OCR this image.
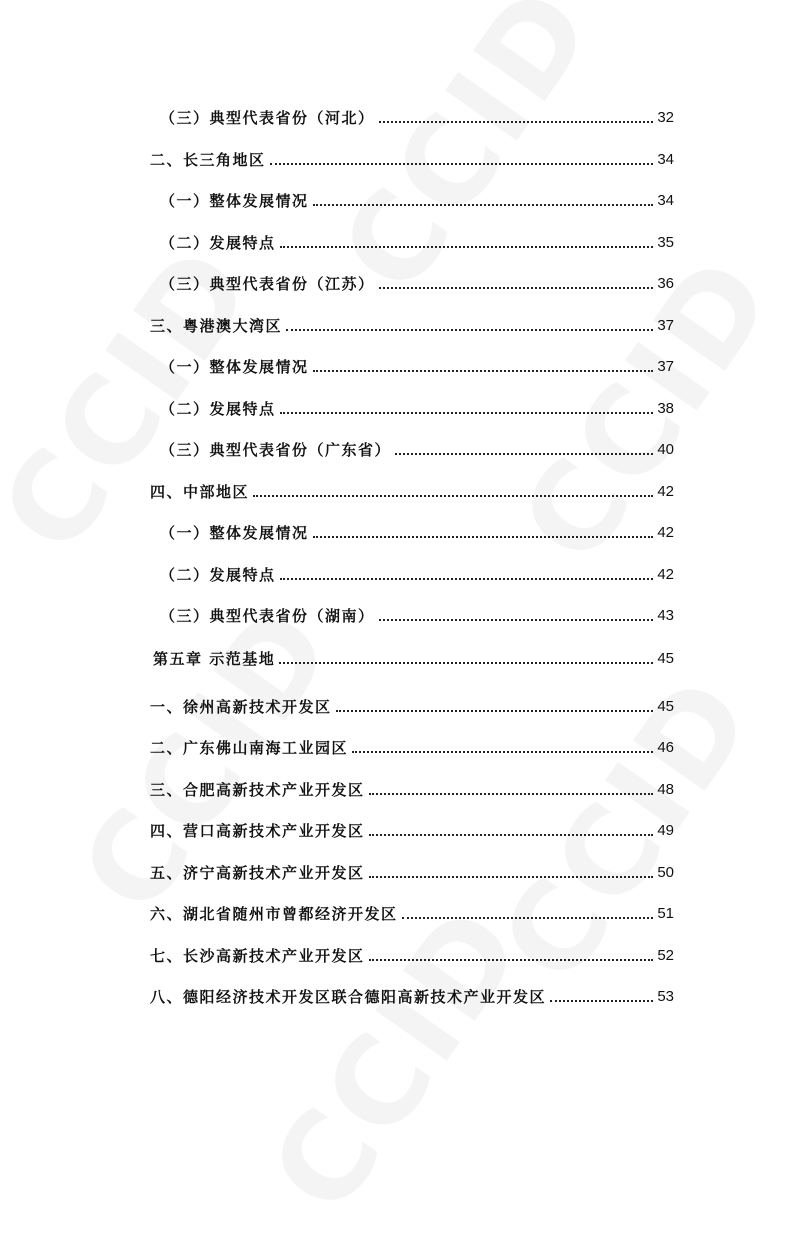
（三）典型代表省份（河北）	32
二、长三角地区	34
（一）整体发展情况	34
（二）发展特点	35
（三）典型代表省份（江苏）	36
三、粤港澳大湾区	37
（一）整体发展情况	37
（二）发展特点	38
（三）典型代表省份（广东省）	40
四、中部地区	42
（一）整体发展情况	42
（二）发展特点	42
（三）典型代表省份（湖南）	43
第五章 示范基地	45
一、徐州高新技术开发区	45
二、广东佛山南海工业园区	46
三、合肥高新技术产业开发区	48
四、营口高新技术产业开发区	49
五、济宁高新技术产业开发区	50
六、湖北省随州市曾都经济开发区	51
七、长沙高新技术产业开发区	52
八、德阳经济技术开发区联合德阳高新技术产业开发区	53
